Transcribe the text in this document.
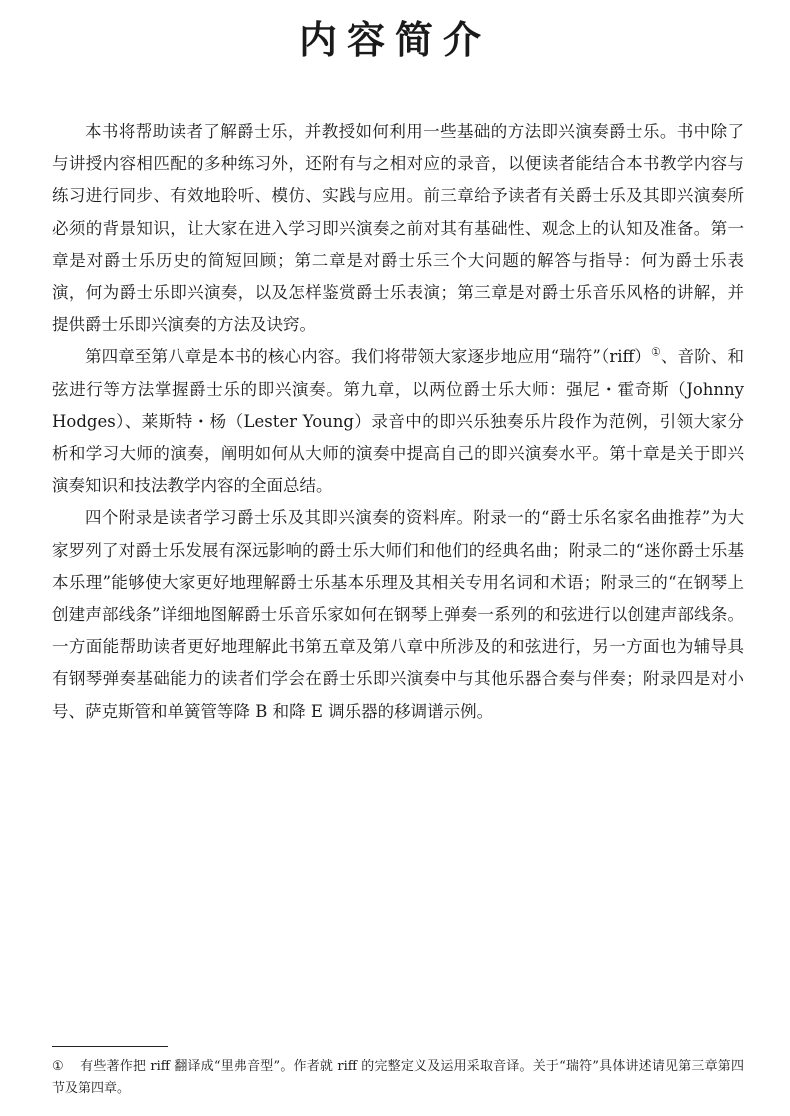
内容简介

本书将帮助读者了解爵士乐，并教授如何利用一些基础的方法即兴演奏爵士乐。书中除了与讲授内容相匹配的多种练习外，还附有与之相对应的录音，以便读者能结合本书教学内容与练习进行同步、有效地聆听、模仿、实践与应用。前三章给予读者有关爵士乐及其即兴演奏所必须的背景知识，让大家在进入学习即兴演奏之前对其有基础性、观念上的认知及准备。第一章是对爵士乐历史的简短回顾；第二章是对爵士乐三个大问题的解答与指导：何为爵士乐表演，何为爵士乐即兴演奏，以及怎样鉴赏爵士乐表演；第三章是对爵士乐音乐风格的讲解，并提供爵士乐即兴演奏的方法及诀窍。

第四章至第八章是本书的核心内容。我们将带领大家逐步地应用“瑞符”（riff）①、音阶、和弦进行等方法掌握爵士乐的即兴演奏。第九章，以两位爵士乐大师：强尼・霍奇斯（Johnny Hodges）、莱斯特・杨（Lester Young）录音中的即兴乐独奏乐片段作为范例，引领大家分析和学习大师的演奏，阐明如何从大师的演奏中提高自己的即兴演奏水平。第十章是关于即兴演奏知识和技法教学内容的全面总结。

四个附录是读者学习爵士乐及其即兴演奏的资料库。附录一的“爵士乐名家名曲推荐”为大家罗列了对爵士乐发展有深远影响的爵士乐大师们和他们的经典名曲；附录二的“迷你爵士乐基本乐理”能够使大家更好地理解爵士乐基本乐理及其相关专用名词和术语；附录三的“在钢琴上创建声部线条”详细地图解爵士乐音乐家如何在钢琴上弹奏一系列的和弦进行以创建声部线条。一方面能帮助读者更好地理解此书第五章及第八章中所涉及的和弦进行，另一方面也为辅导具有钢琴弹奏基础能力的读者们学会在爵士乐即兴演奏中与其他乐器合奏与伴奏；附录四是对小号、萨克斯管和单簧管等降 B 和降 E 调乐器的移调谱示例。

① 有些著作把 riff 翻译成“里弗音型”。作者就 riff 的完整定义及运用采取音译。关于“瑞符”具体讲述请见第三章第四节及第四章。
